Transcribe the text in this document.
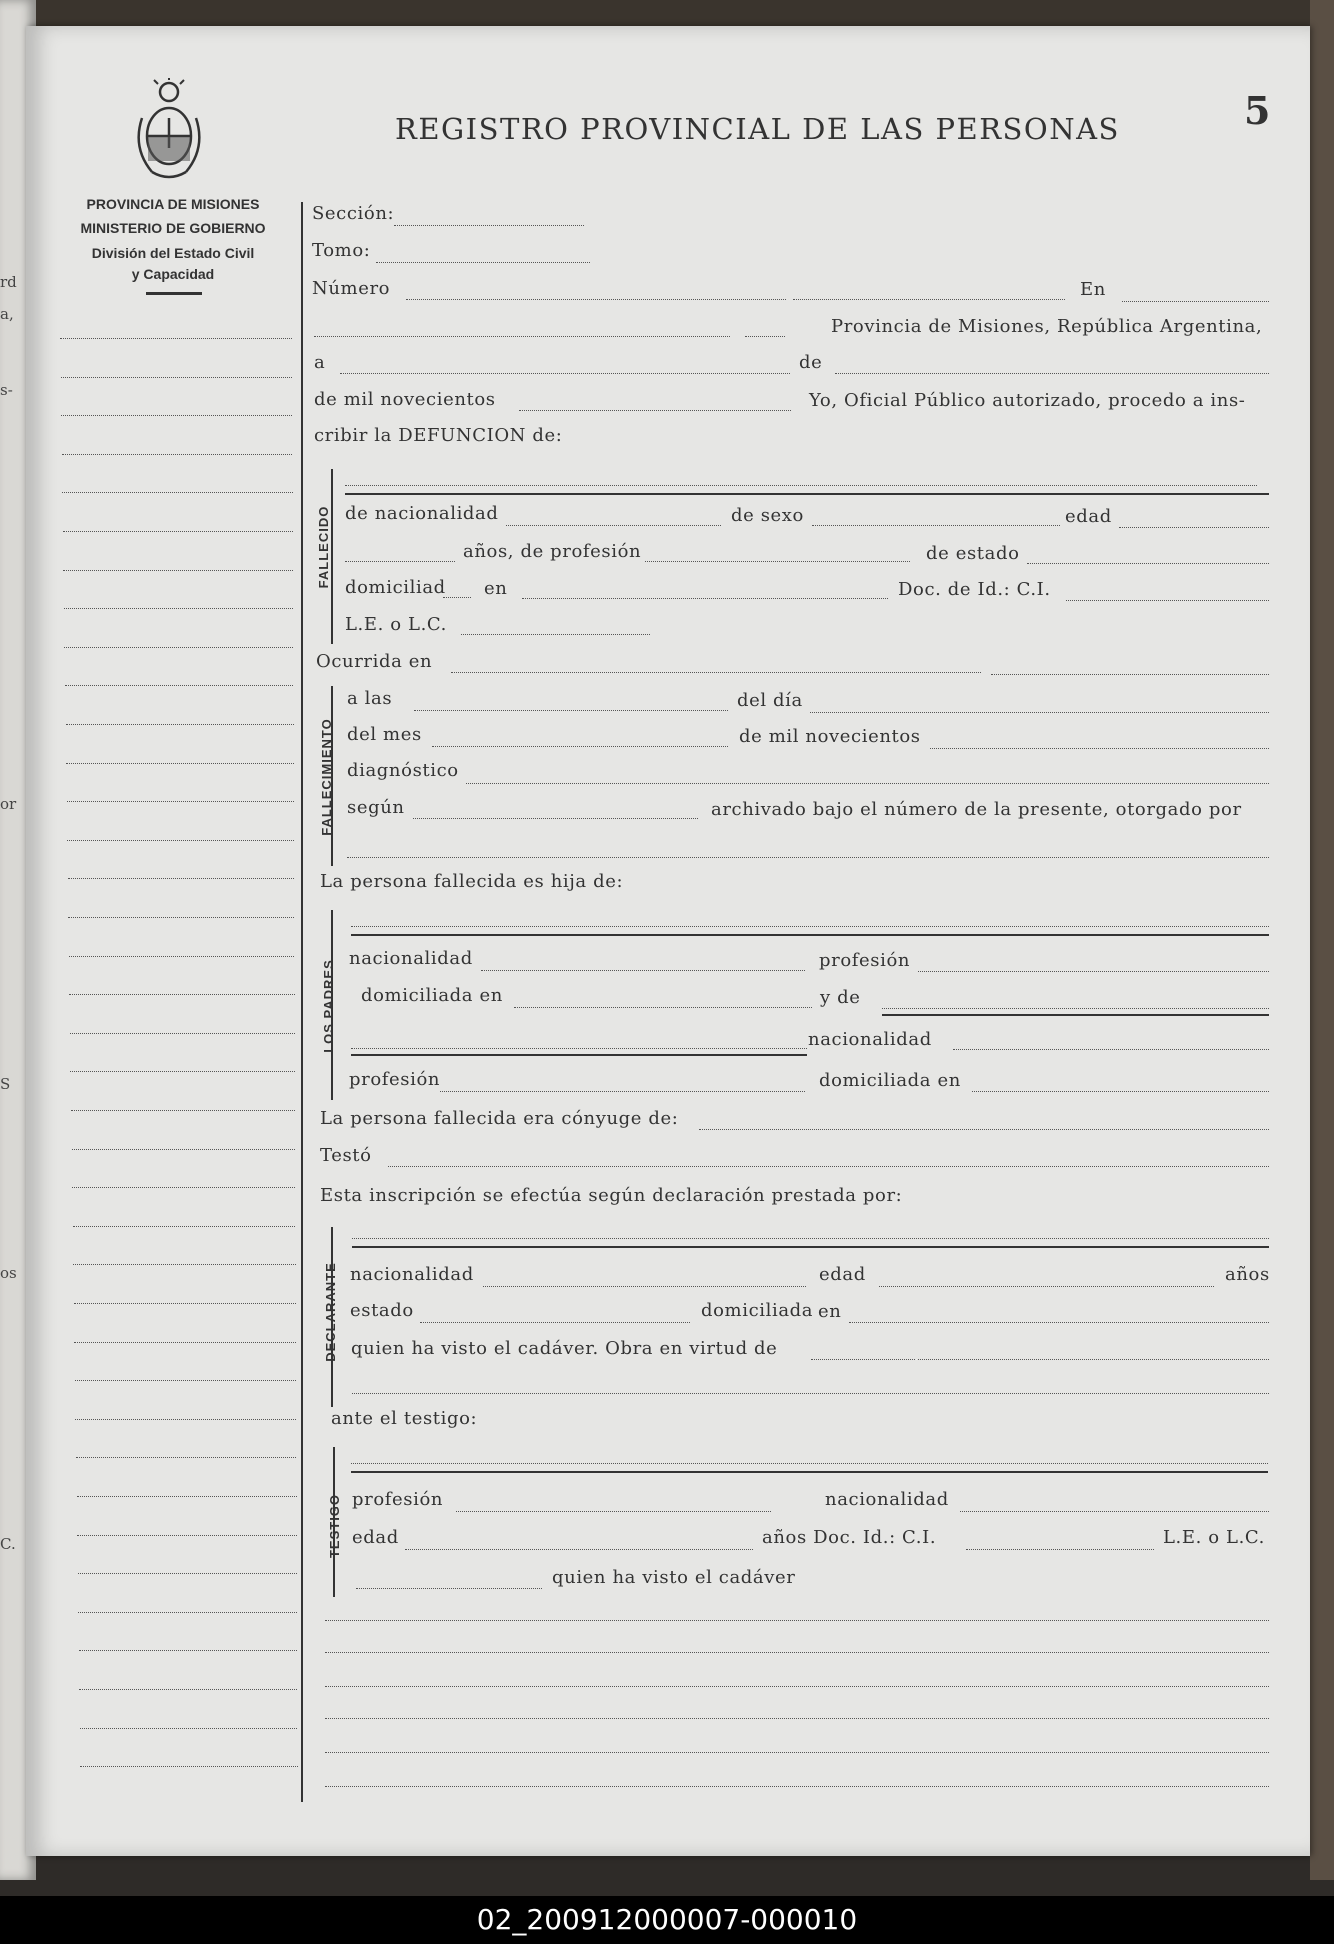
rd
a,
s-
or
S
os
C.
REGISTRO PROVINCIAL DE LAS PERSONAS	5
PROVINCIA DE MISIONES
MINISTERIO DE GOBIERNO
División del Estado Civil
y Capacidad
Sección:
Tomo:
Número	En
Provincia de Misiones, República Argentina,
a	de
de mil novecientos	Yo, Oficial Público autorizado, procedo a ins-
cribir la DEFUNCION de:
FALLECIDO de nacionalidad	de sexo	edad
años, de profesión	de estado
domiciliad en	Doc. de Id.: C.I.
L.E. o L.C.
Ocurrida en
FALLECIMIENTO
a las	del día
del mes	de mil novecientos
diagnóstico
según	archivado bajo el número de la presente, otorgado por
La persona fallecida es hija de:
LOS PADRES
nacionalidad	profesión
domiciliada en	y de
nacionalidad
profesión	domiciliada en
La persona fallecida era cónyuge de:
Testó
Esta inscripción se efectúa según declaración prestada por:
DECLARANTE nacionalidad	edad	años
estado	domiciliada en
quien ha visto el cadáver. Obra en virtud de
ante el testigo:
TESTIGO profesión	nacionalidad
edad	años Doc. Id.: C.I.	L.E. o L.C.
quien ha visto el cadáver
02_200912000007-000010
